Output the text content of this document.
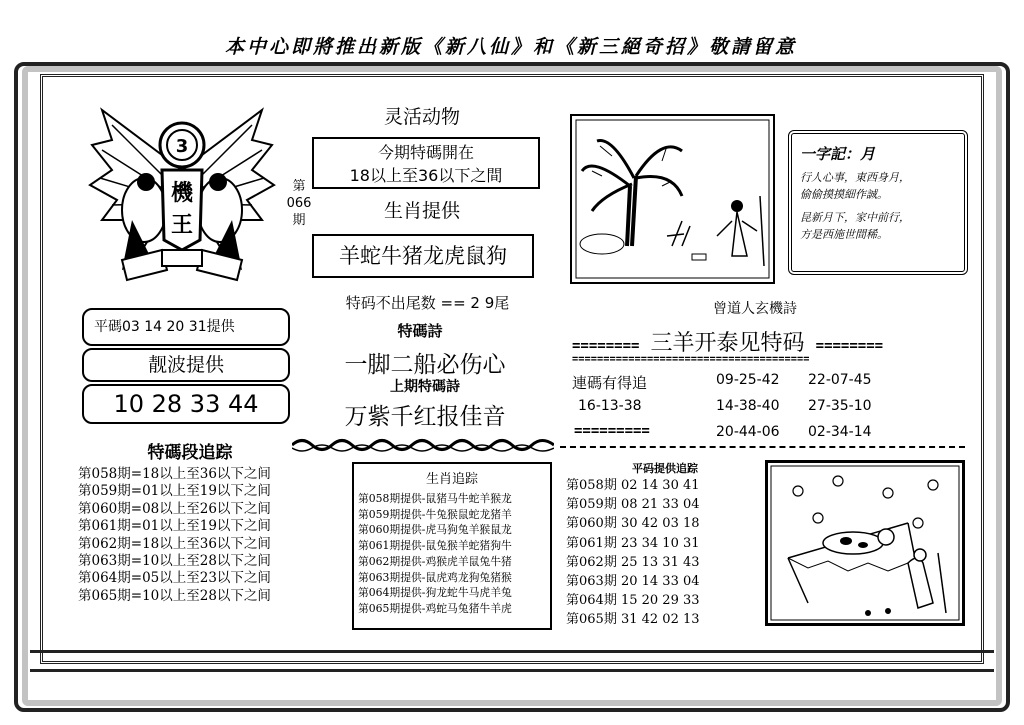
本中心即將推出新版《新八仙》和《新三絕奇招》敬請留意
3
機
王
第
066
期
灵活动物
今期特碼開在
18以上至36以下之間
生肖提供
羊蛇牛猪龙虎鼠狗
特码不出尾数 == 2 9尾
特碼詩
一脚二船必伤心
上期特碼詩
万紫千红报佳音
平碼03 14 20 31提供
靓波提供
10 28 33 44
一字記：月
行人心事，東西身月，
偷偷摸摸細作誠。
昆新月下，家中前行，
方是西施世間稀。
曾道人玄機詩
======== 三羊开泰见特码 ========
======================================
連碼有得追	09-25-42 22-07-45
16-13-38	14-38-40 27-35-10
=========	20-44-06 02-34-14
特碼段追踪
第058期=18以上至36以下之间
第059期=01以上至19以下之间
第060期=08以上至26以下之间
第061期=01以上至19以下之间
第062期=18以上至36以下之间
第063期=10以上至28以下之间
第064期=05以上至23以下之间
第065期=10以上至28以下之间
生肖追踪
第058期提供-鼠猪马牛蛇羊猴龙
第059期提供-牛兔猴鼠蛇龙猪羊
第060期提供-虎马狗兔羊猴鼠龙
第061期提供-鼠兔猴羊蛇猪狗牛
第062期提供-鸡猴虎羊鼠兔牛猪
第063期提供-鼠虎鸡龙狗兔猪猴
第064期提供-狗龙蛇牛马虎羊兔
第065期提供-鸡蛇马兔猪牛羊虎
平码提供追踪
第058期 02 14 30 41
第059期 08 21 33 04
第060期 30 42 03 18
第061期 23 34 10 31
第062期 25 13 31 43
第063期 20 14 33 04
第064期 15 20 29 33
第065期 31 42 02 13
